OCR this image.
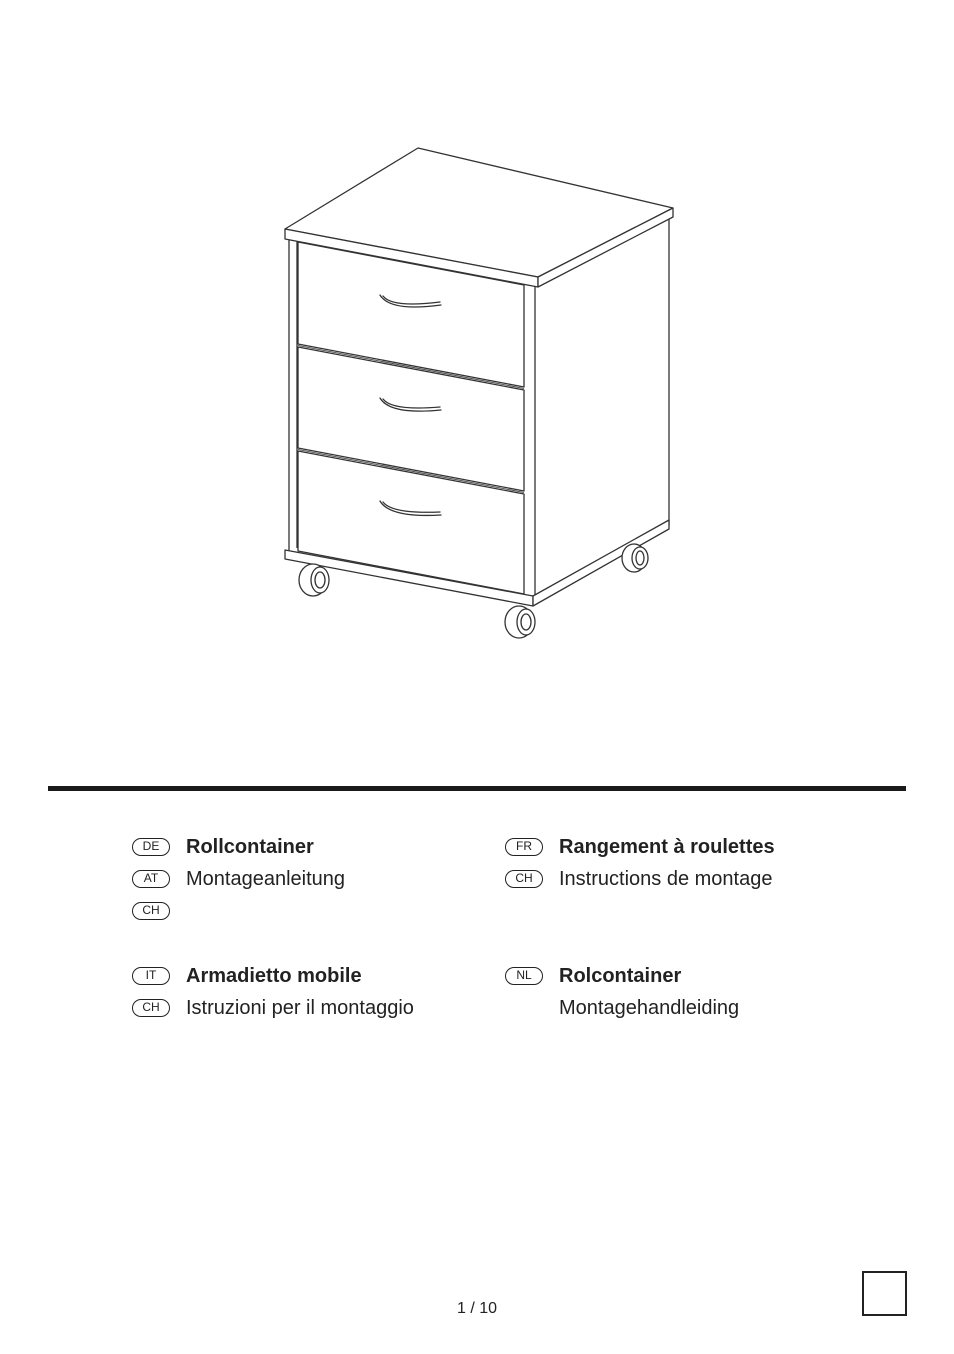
DE	Rollcontainer
AT	Montageanleitung
CH
FR	Rangement à roulettes
CH	Instructions de montage
IT	Armadietto mobile
CH	Istruzioni per il montaggio
NL	Rolcontainer
Montagehandleiding
1 / 10
